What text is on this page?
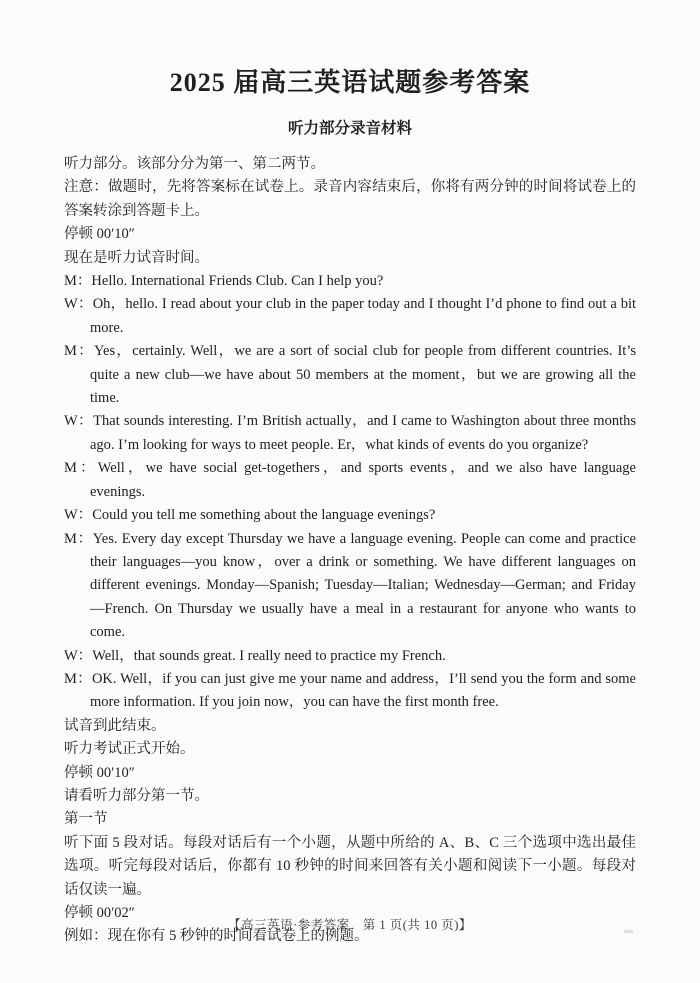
2025 届高三英语试题参考答案
听力部分录音材料

听力部分。该部分分为第一、第二两节。

注意：做题时，先将答案标在试卷上。录音内容结束后，你将有两分钟的时间将试卷上的答案转涂到答题卡上。

停顿 00′10″

现在是听力试音时间。

M：Hello. International Friends Club. Can I help you?

W：Oh，hello. I read about your club in the paper today and I thought I’d phone to find out a bit more.

M：Yes，certainly. Well，we are a sort of social club for people from different countries. It’s quite a new club—we have about 50 members at the moment，but we are growing all the time.

W：That sounds interesting. I’m British actually，and I came to Washington about three months ago. I’m looking for ways to meet people. Er，what kinds of events do you organize?

M：Well，we have social get-togethers，and sports events，and we also have language evenings.

W：Could you tell me something about the language evenings?

M：Yes. Every day except Thursday we have a language evening. People can come and practice their languages—you know，over a drink or something. We have different languages on different evenings. Monday—Spanish; Tuesday—Italian; Wednesday—German; and Friday—French. On Thursday we usually have a meal in a restaurant for anyone who wants to come.

W：Well，that sounds great. I really need to practice my French.

M：OK. Well，if you can just give me your name and address，I’ll send you the form and some more information. If you join now，you can have the first month free.

试音到此结束。

听力考试正式开始。

停顿 00′10″

请看听力部分第一节。

第一节

听下面 5 段对话。每段对话后有一个小题，从题中所给的 A、B、C 三个选项中选出最佳选项。听完每段对话后，你都有 10 秒钟的时间来回答有关小题和阅读下一小题。每段对话仅读一遍。

停顿 00′02″

例如：现在你有 5 秒钟的时间看试卷上的例题。

【高三英语·参考答案　第 1 页(共 10 页)】
